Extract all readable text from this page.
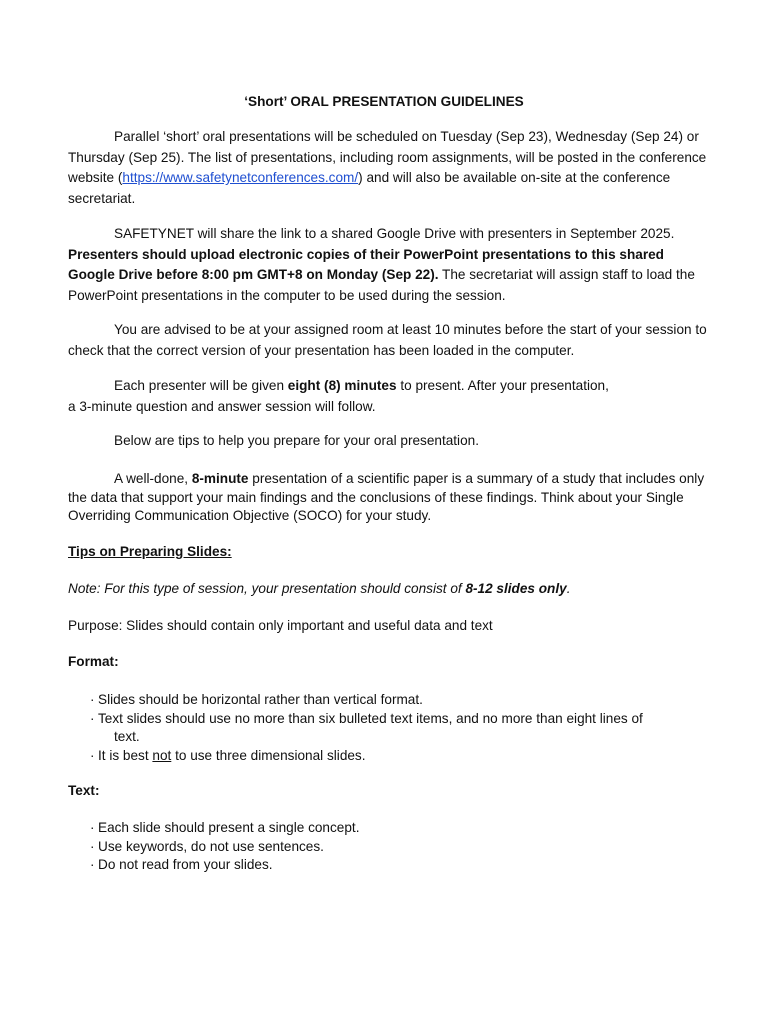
‘Short’ ORAL PRESENTATION GUIDELINES

Parallel ‘short’ oral presentations will be scheduled on Tuesday (Sep 23), Wednesday (Sep 24) or Thursday (Sep 25). The list of presentations, including room assignments, will be posted in the conference website (https://www.safetynetconferences.com/) and will also be available on-site at the conference secretariat.

SAFETYNET will share the link to a shared Google Drive with presenters in September 2025.
Presenters should upload electronic copies of their PowerPoint presentations to this shared Google Drive before 8:00 pm GMT+8 on Monday (Sep 22). The secretariat will assign staff to load the PowerPoint presentations in the computer to be used during the session.

You are advised to be at your assigned room at least 10 minutes before the start of your session to check that the correct version of your presentation has been loaded in the computer.

Each presenter will be given eight (8) minutes to present. After your presentation,
a 3-minute question and answer session will follow.

Below are tips to help you prepare for your oral presentation.

A well-done, 8-minute presentation of a scientific paper is a summary of a study that includes only the data that support your main findings and the conclusions of these findings. Think about your Single Overriding Communication Objective (SOCO) for your study.

Tips on Preparing Slides:

Note: For this type of session, your presentation should consist of 8-12 slides only.

Purpose: Slides should contain only important and useful data and text

Format:

· Slides should be horizontal rather than vertical format.
· Text slides should use no more than six bulleted text items, and no more than eight lines of
text.
· It is best not to use three dimensional slides.

Text:

· Each slide should present a single concept.
· Use keywords, do not use sentences.
· Do not read from your slides.
